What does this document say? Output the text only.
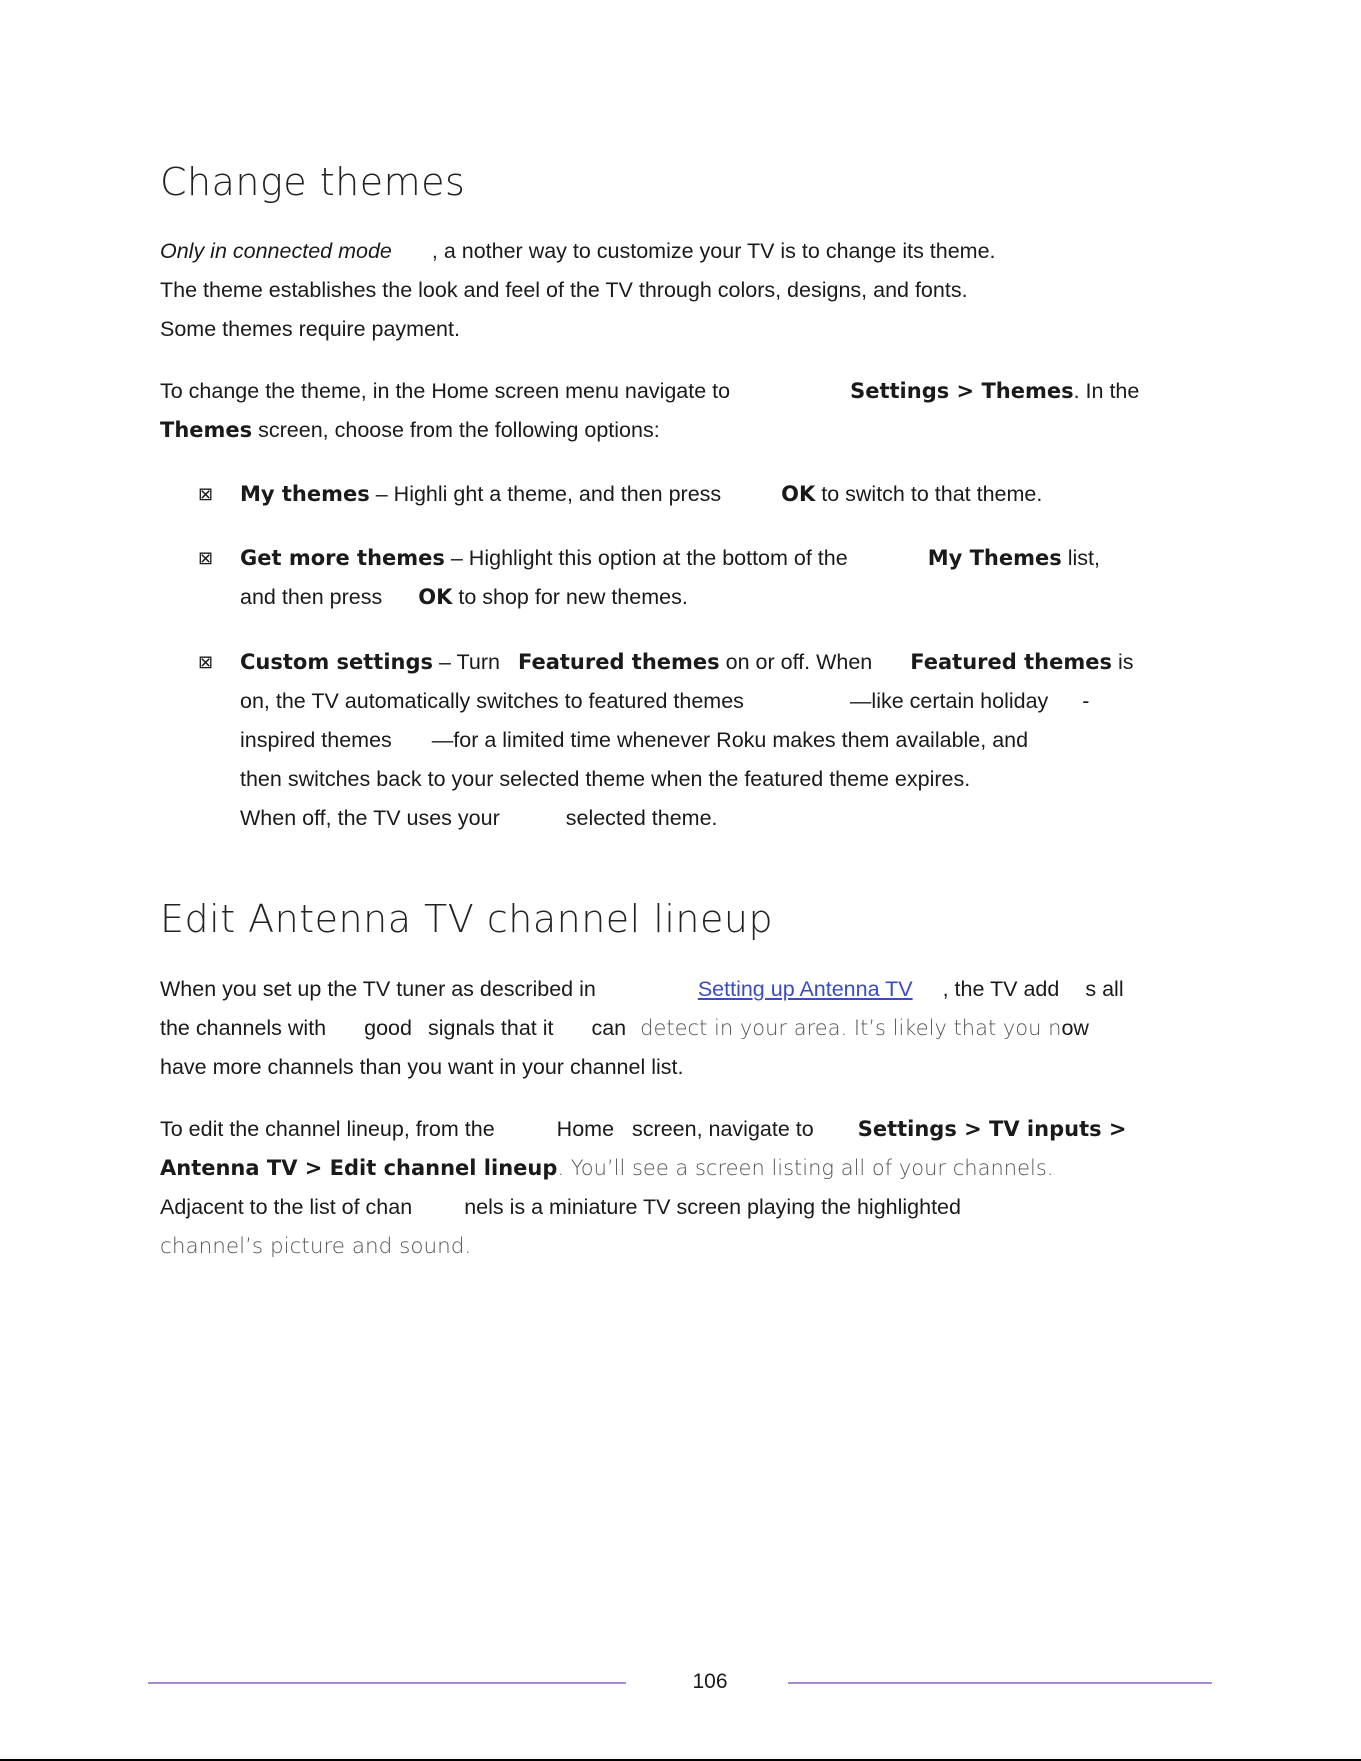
Change themes
Only in connected mode , a nother way to customize your TV is to change its theme.
The theme establishes the look and feel of the TV through colors, designs, and fonts.
Some themes require payment.
To change the theme, in the Home screen menu navigate to	Settings > Themes. In the
Themes screen, choose from the following options:
⊠ My themes – Highli ght a theme, and then press	OK to switch to that theme.
⊠ Get more themes – Highlight this option at the bottom of the	My Themes list,
and then press OK to shop for new themes.
⊠ Custom settings – Turn Featured themes on or off. When Featured themes is
on, the TV automatically switches to featured themes	—like certain holiday -
inspired themes —for a limited time whenever Roku makes them available, and
then switches back to your selected theme when the featured theme expires.
When off, the TV uses your	selected theme.
Edit Antenna TV channel lineup
When you set up the TV tuner as described in	Setting up Antenna TV , the TV add s all
the channels with good signals that it can detect in your area. It’s likely that you now
have more channels than you want in your channel list.
To edit the channel lineup, from the	Home screen, navigate to Settings > TV inputs >
Antenna TV > Edit channel lineup. You’ll see a screen listing all of your channels.
Adjacent to the list of chan nels is a miniature TV screen playing the highlighted
channel’s picture and sound.
106
